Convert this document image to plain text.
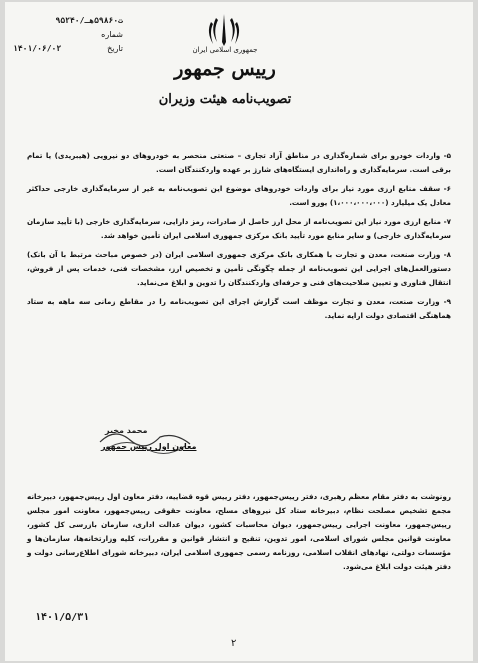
۹۵۲۴۰/ت۵۹۸۶۰هـ
شماره
تاریخ
۱۴۰۱/۰۶/۰۲	جمهوری اسلامی ایران
رییس جمهور
تصویب‌نامه هیئت وزیران

۵- واردات خودرو برای شماره‌گذاری در مناطق آزاد تجاری – صنعتی منحصر به خودروهای دو نیرویی (هیبریدی) یا تمام برقی است. سرمایه‌گذاری و راه‌اندازی ایستگاه‌های شارژ بر عهده واردکنندگان است.

۶- سقف منابع ارزی مورد نیاز برای واردات خودروهای موضوع این تصویب‌نامه به غیر از سرمایه‌گذاری خارجی حداکثر معادل یک میلیارد (۱،۰۰۰،۰۰۰،۰۰۰) یورو است.

۷- منابع ارزی مورد نیاز این تصویب‌نامه از محل ارز حاصل از صادرات، رمز دارایی، سرمایه‌گذاری خارجی (با تأیید سازمان سرمایه‌گذاری خارجی) و سایر منابع مورد تأیید بانک مرکزی جمهوری اسلامی ایران تأمین خواهد شد.

۸- وزارت صنعت، معدن و تجارت با همکاری بانک مرکزی جمهوری اسلامی ایران (در خصوص مباحث مرتبط با آن بانک) دستورالعمل‌های اجرایی این تصویب‌نامه از جمله چگونگی تأمین و تخصیص ارز، مشخصات فنی، خدمات پس از فروش، انتقال فناوری و تعیین صلاحیت‌های فنی و حرفه‌ای واردکنندگان را تدوین و ابلاغ می‌نماید.

۹- وزارت صنعت، معدن و تجارت موظف است گزارش اجرای این تصویب‌نامه را در مقاطع زمانی سه ماهه به ستاد هماهنگی اقتصادی دولت ارایه نماید.

محمد مخبر
معاون اول رییس جمهور
رونوشت به دفتر مقام معظم رهبری، دفتر رییس‌جمهور، دفتر رییس قوه قضاییه، دفتر معاون اول رییس‌جمهور، دبیرخانه مجمع تشخیص مصلحت نظام، دبیرخانه ستاد کل نیروهای مسلح، معاونت حقوقی رییس‌جمهور، معاونت امور مجلس رییس‌جمهور، معاونت اجرایی رییس‌جمهور، دیوان محاسبات کشور، دیوان عدالت اداری، سازمان بازرسی کل کشور، معاونت قوانین مجلس شورای اسلامی، امور تدوین، تنقیح و انتشار قوانین و مقررات، کلیه وزارتخانه‌ها، سازمان‌ها و مؤسسات دولتی، نهادهای انقلاب اسلامی، روزنامه رسمی جمهوری اسلامی ایران، دبیرخانه شورای اطلاع‌رسانی دولت و دفتر هیئت دولت ابلاغ می‌شود.
۱۴۰۱/۵/۳۱
۲
